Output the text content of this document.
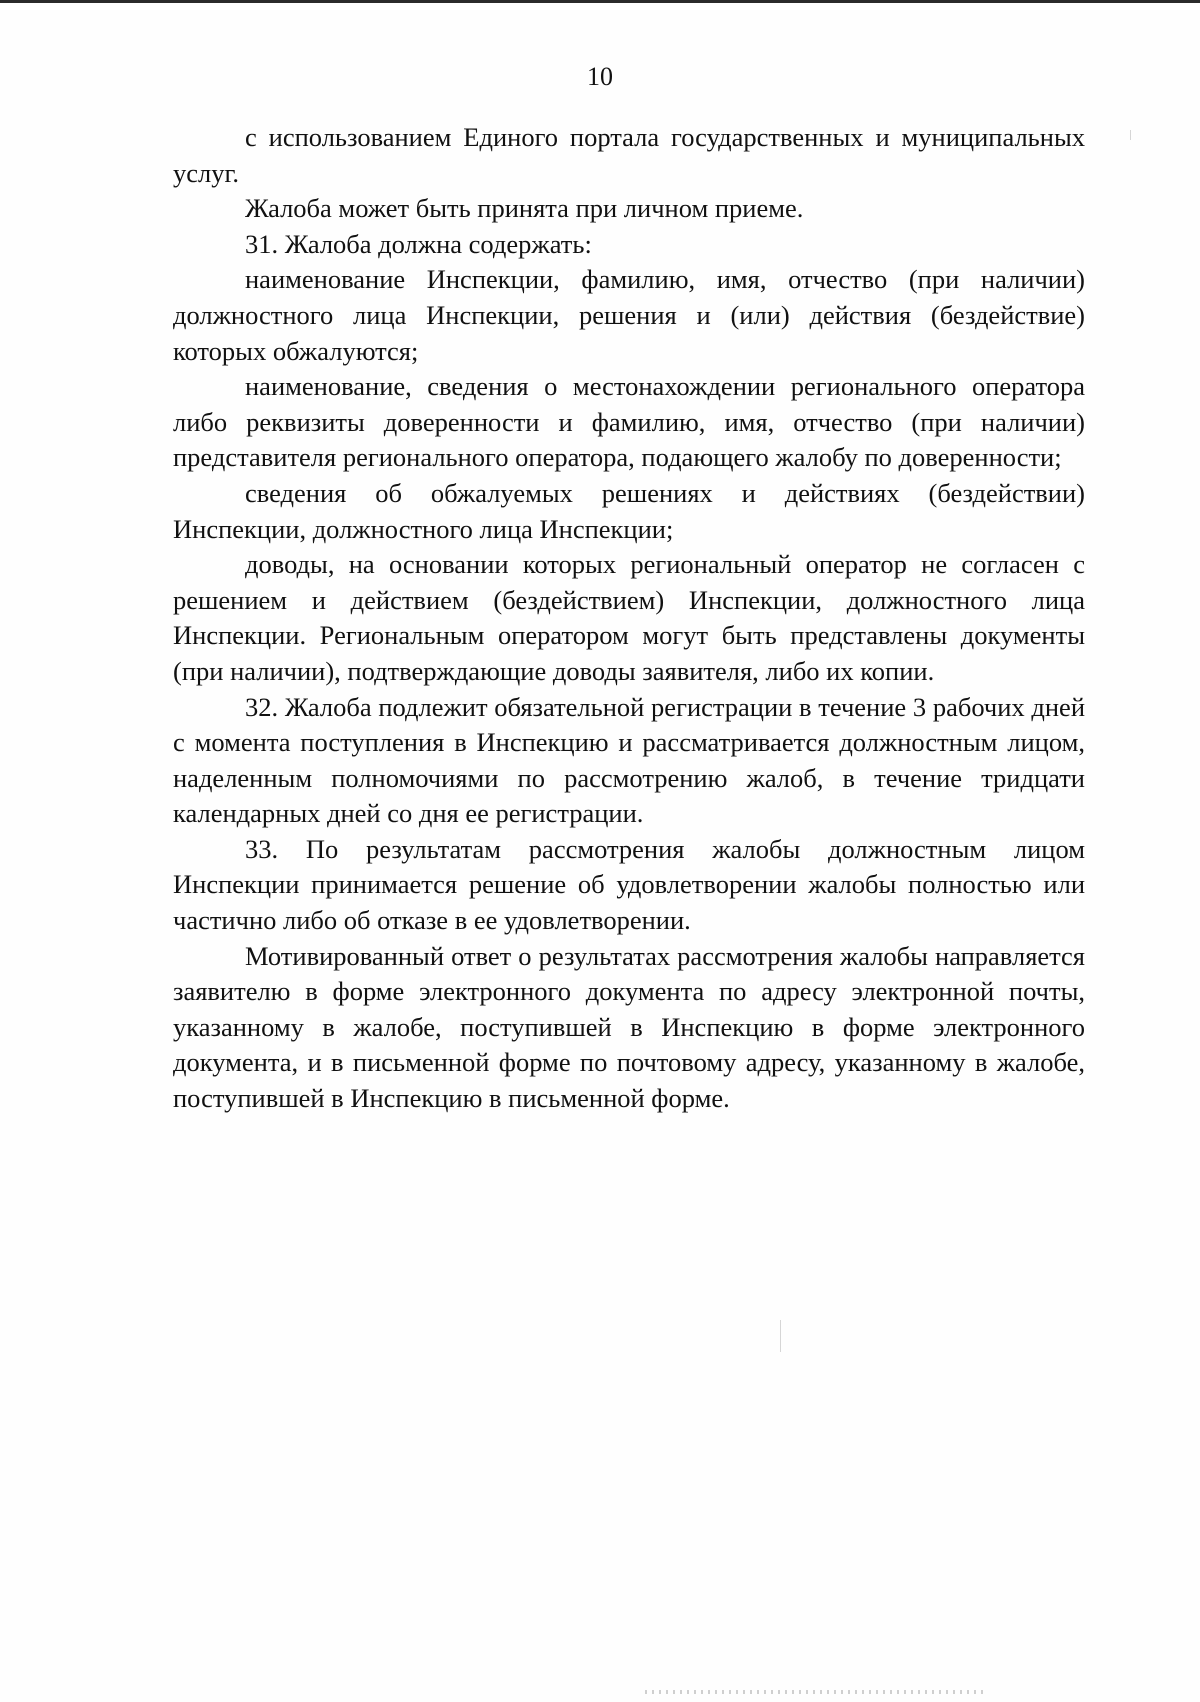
10

с использованием Единого портала государственных и муниципальных услуг.

Жалоба может быть принята при личном приеме.

31. Жалоба должна содержать:

наименование Инспекции, фамилию, имя, отчество (при наличии) должностного лица Инспекции, решения и (или) действия (бездействие) которых обжалуются;

наименование, сведения о местонахождении регионального оператора либо реквизиты доверенности и фамилию, имя, отчество (при наличии) представителя регионального оператора, подающего жалобу по доверенности;

сведения об обжалуемых решениях и действиях (бездействии) Инспекции, должностного лица Инспекции;

доводы, на основании которых региональный оператор не согласен с решением и действием (бездействием) Инспекции, должностного лица Инспекции. Региональным оператором могут быть представлены документы (при наличии), подтверждающие доводы заявителя, либо их копии.

32. Жалоба подлежит обязательной регистрации в течение 3 рабочих дней с момента поступления в Инспекцию и рассматривается должностным лицом, наделенным полномочиями по рассмотрению жалоб, в течение тридцати календарных дней со дня ее регистрации.

33. По результатам рассмотрения жалобы должностным лицом Инспекции принимается решение об удовлетворении жалобы полностью или частично либо об отказе в ее удовлетворении.

Мотивированный ответ о результатах рассмотрения жалобы направляется заявителю в форме электронного документа по адресу электронной почты, указанному в жалобе, поступившей в Инспекцию в форме электронного документа, и в письменной форме по почтовому адресу, указанному в жалобе, поступившей в Инспекцию в письменной форме.
